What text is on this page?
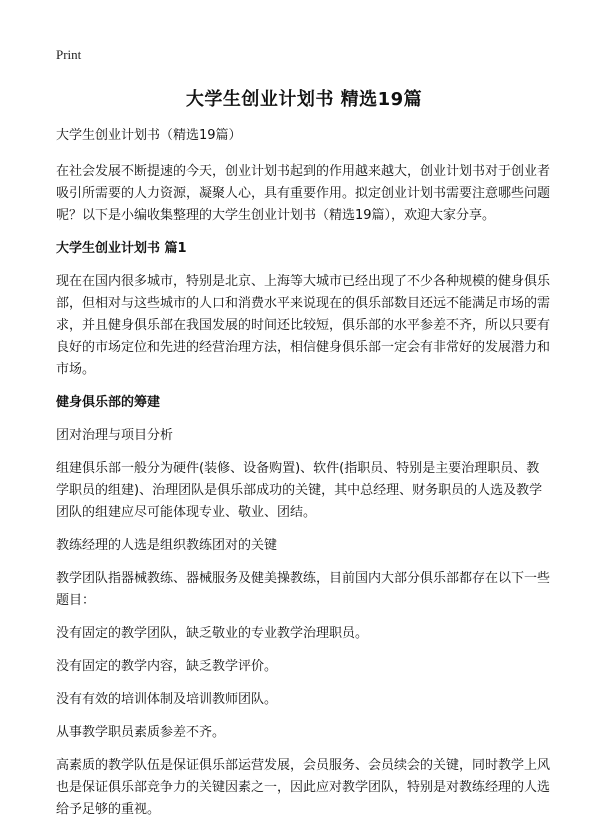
Print
大学生创业计划书 精选19篇
大学生创业计划书（精选19篇）

在社会发展不断提速的今天，创业计划书起到的作用越来越大，创业计划书对于创业者吸引所需要的人力资源，凝聚人心，具有重要作用。拟定创业计划书需要注意哪些问题呢？以下是小编收集整理的大学生创业计划书（精选19篇），欢迎大家分享。

大学生创业计划书 篇1

现在在国内很多城市，特别是北京、上海等大城市已经出现了不少各种规模的健身俱乐部，但相对与这些城市的人口和消费水平来说现在的俱乐部数目还远不能满足市场的需求，并且健身俱乐部在我国发展的时间还比较短，俱乐部的水平参差不齐，所以只要有良好的市场定位和先进的经营治理方法，相信健身俱乐部一定会有非常好的发展潜力和市场。

健身俱乐部的筹建

团对治理与项目分析

组建俱乐部一般分为硬件(装修、设备购置)、软件(指职员、特别是主要治理职员、教学职员的组建)、治理团队是俱乐部成功的关键，其中总经理、财务职员的人选及教学团队的组建应尽可能体现专业、敬业、团结。

教练经理的人选是组织教练团对的关键

教学团队指器械教练、器械服务及健美操教练，目前国内大部分俱乐部都存在以下一些题目：

没有固定的教学团队，缺乏敬业的专业教学治理职员。

没有固定的教学内容，缺乏教学评价。

没有有效的培训体制及培训教师团队。

从事教学职员素质参差不齐。

高素质的教学队伍是保证俱乐部运营发展，会员服务、会员续会的关键，同时教学上风也是保证俱乐部竞争力的关键因素之一，因此应对教学团队，特别是对教练经理的人选给予足够的重视。
